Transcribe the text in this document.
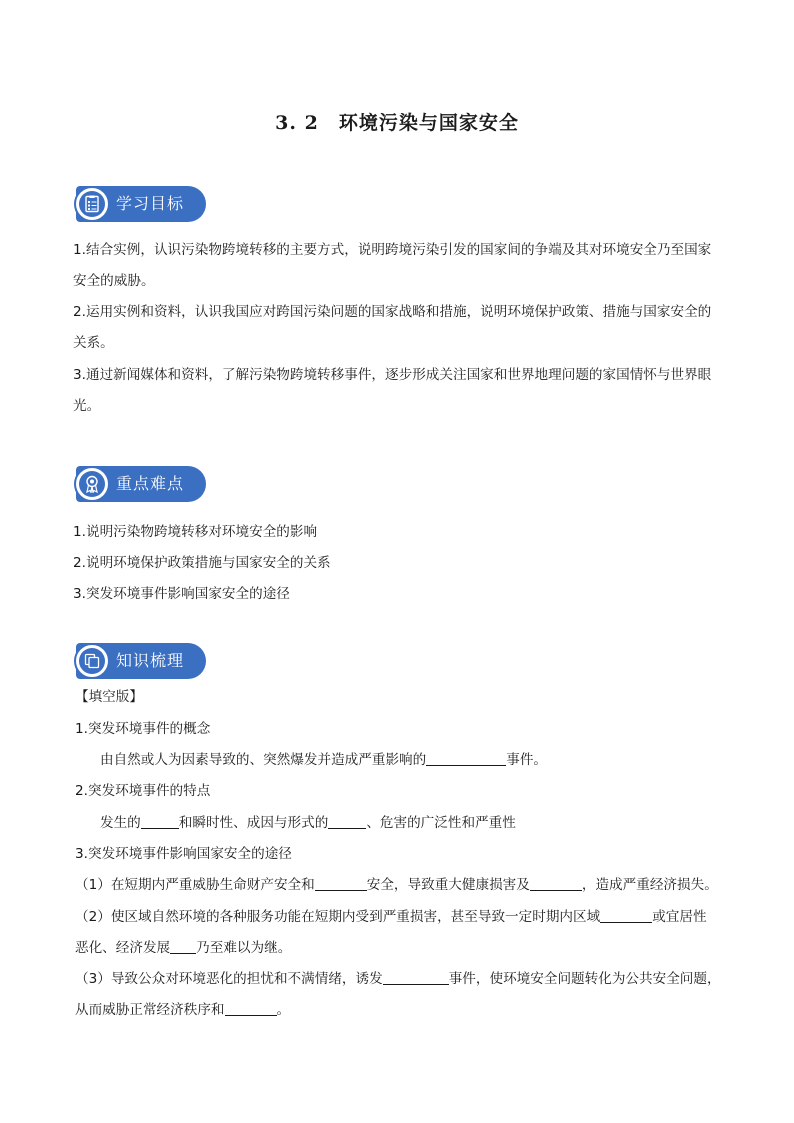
3. 2　环境污染与国家安全
学习目标
1.结合实例，认识污染物跨境转移的主要方式，说明跨境污染引发的国家间的争端及其对环境安全乃至国家安全的威胁。
2.运用实例和资料，认识我国应对跨国污染问题的国家战略和措施，说明环境保护政策、措施与国家安全的关系。
3.通过新闻媒体和资料，了解污染物跨境转移事件，逐步形成关注国家和世界地理问题的家国情怀与世界眼光。
重点难点
1.说明污染物跨境转移对环境安全的影响
2.说明环境保护政策措施与国家安全的关系
3.突发环境事件影响国家安全的途径
知识梳理
【填空版】
1.突发环境事件的概念
由自然或人为因素导致的、突然爆发并造成严重影响的	事件。
2.突发环境事件的特点
发生的	和瞬时性、成因与形式的	、危害的广泛性和严重性
3.突发环境事件影响国家安全的途径
（1）在短期内严重威胁生命财产安全和	安全，导致重大健康损害及	，造成严重经济损失。
（2）使区域自然环境的各种服务功能在短期内受到严重损害，甚至导致一定时期内区域	或宜居性
恶化、经济发展 乃至难以为继。
（3）导致公众对环境恶化的担忧和不满情绪，诱发	事件，使环境安全问题转化为公共安全问题，
从而威胁正常经济秩序和	。
